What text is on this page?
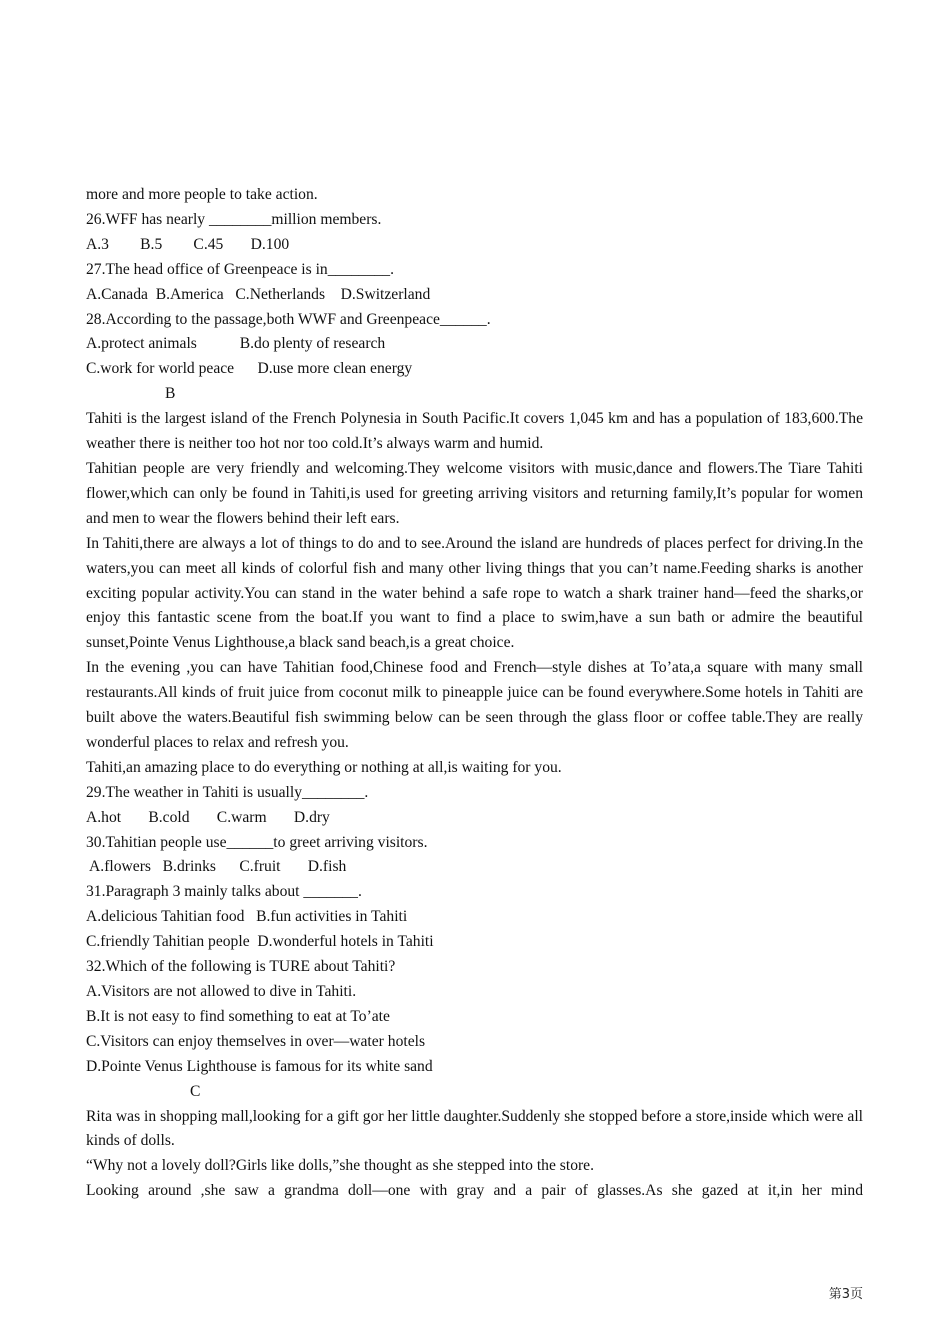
more and more people to take action.
26.WFF has nearly ________million members.
A.3        B.5        C.45       D.100
27.The head office of Greenpeace is in________.
A.Canada  B.America   C.Netherlands    D.Switzerland
28.According to the passage,both WWF and Greenpeace______.
A.protect animals           B.do plenty of research
C.work for world peace      D.use more clean energy
B
Tahiti is the largest island of the French Polynesia in South Pacific.It covers 1,045 km and has a population of 183,600.The weather there is neither too hot nor too cold.It’s always warm and humid.
Tahitian people are very friendly and welcoming.They welcome visitors with music,dance and flowers.The Tiare Tahiti flower,which can only be found in Tahiti,is used for greeting arriving visitors and returning family,It’s popular for women and men to wear the flowers behind their left ears.
In Tahiti,there are always a lot of things to do and to see.Around the island are hundreds of places perfect for driving.In the waters,you can meet all kinds of colorful fish and many other living things that you can’t name.Feeding sharks is another exciting popular activity.You can stand in the water behind a safe rope to watch a shark trainer hand—feed the sharks,or enjoy this fantastic scene from the boat.If you want to find a place to swim,have a sun bath or admire the beautiful sunset,Pointe Venus Lighthouse,a black sand beach,is a great choice.
In the evening ,you can have Tahitian food,Chinese food and French—style dishes at To’ata,a square with many small restaurants.All kinds of fruit juice from coconut milk to pineapple juice can be found everywhere.Some hotels in Tahiti are built above the waters.Beautiful fish swimming below can be seen through the glass floor or coffee table.They are really wonderful places to relax and refresh you.
Tahiti,an amazing place to do everything or nothing at all,is waiting for you.
29.The weather in Tahiti is usually________.
A.hot       B.cold       C.warm       D.dry
30.Tahitian people use______to greet arriving visitors.
A.flowers   B.drinks      C.fruit       D.fish
31.Paragraph 3 mainly talks about _______.
A.delicious Tahitian food   B.fun activities in Tahiti
C.friendly Tahitian people  D.wonderful hotels in Tahiti
32.Which of the following is TURE about Tahiti?
A.Visitors are not allowed to dive in Tahiti.
B.It is not easy to find something to eat at To’ate
C.Visitors can enjoy themselves in over—water hotels
D.Pointe Venus Lighthouse is famous for its white sand
C
Rita was in shopping mall,looking for a gift gor her little daughter.Suddenly she stopped before a store,inside which were all kinds of dolls.
“Why not a lovely doll?Girls like dolls,”she thought as she stepped into the store.
Looking around ,she saw a grandma doll—one with gray and a pair of glasses.As she gazed at it,in her mind
第3页
